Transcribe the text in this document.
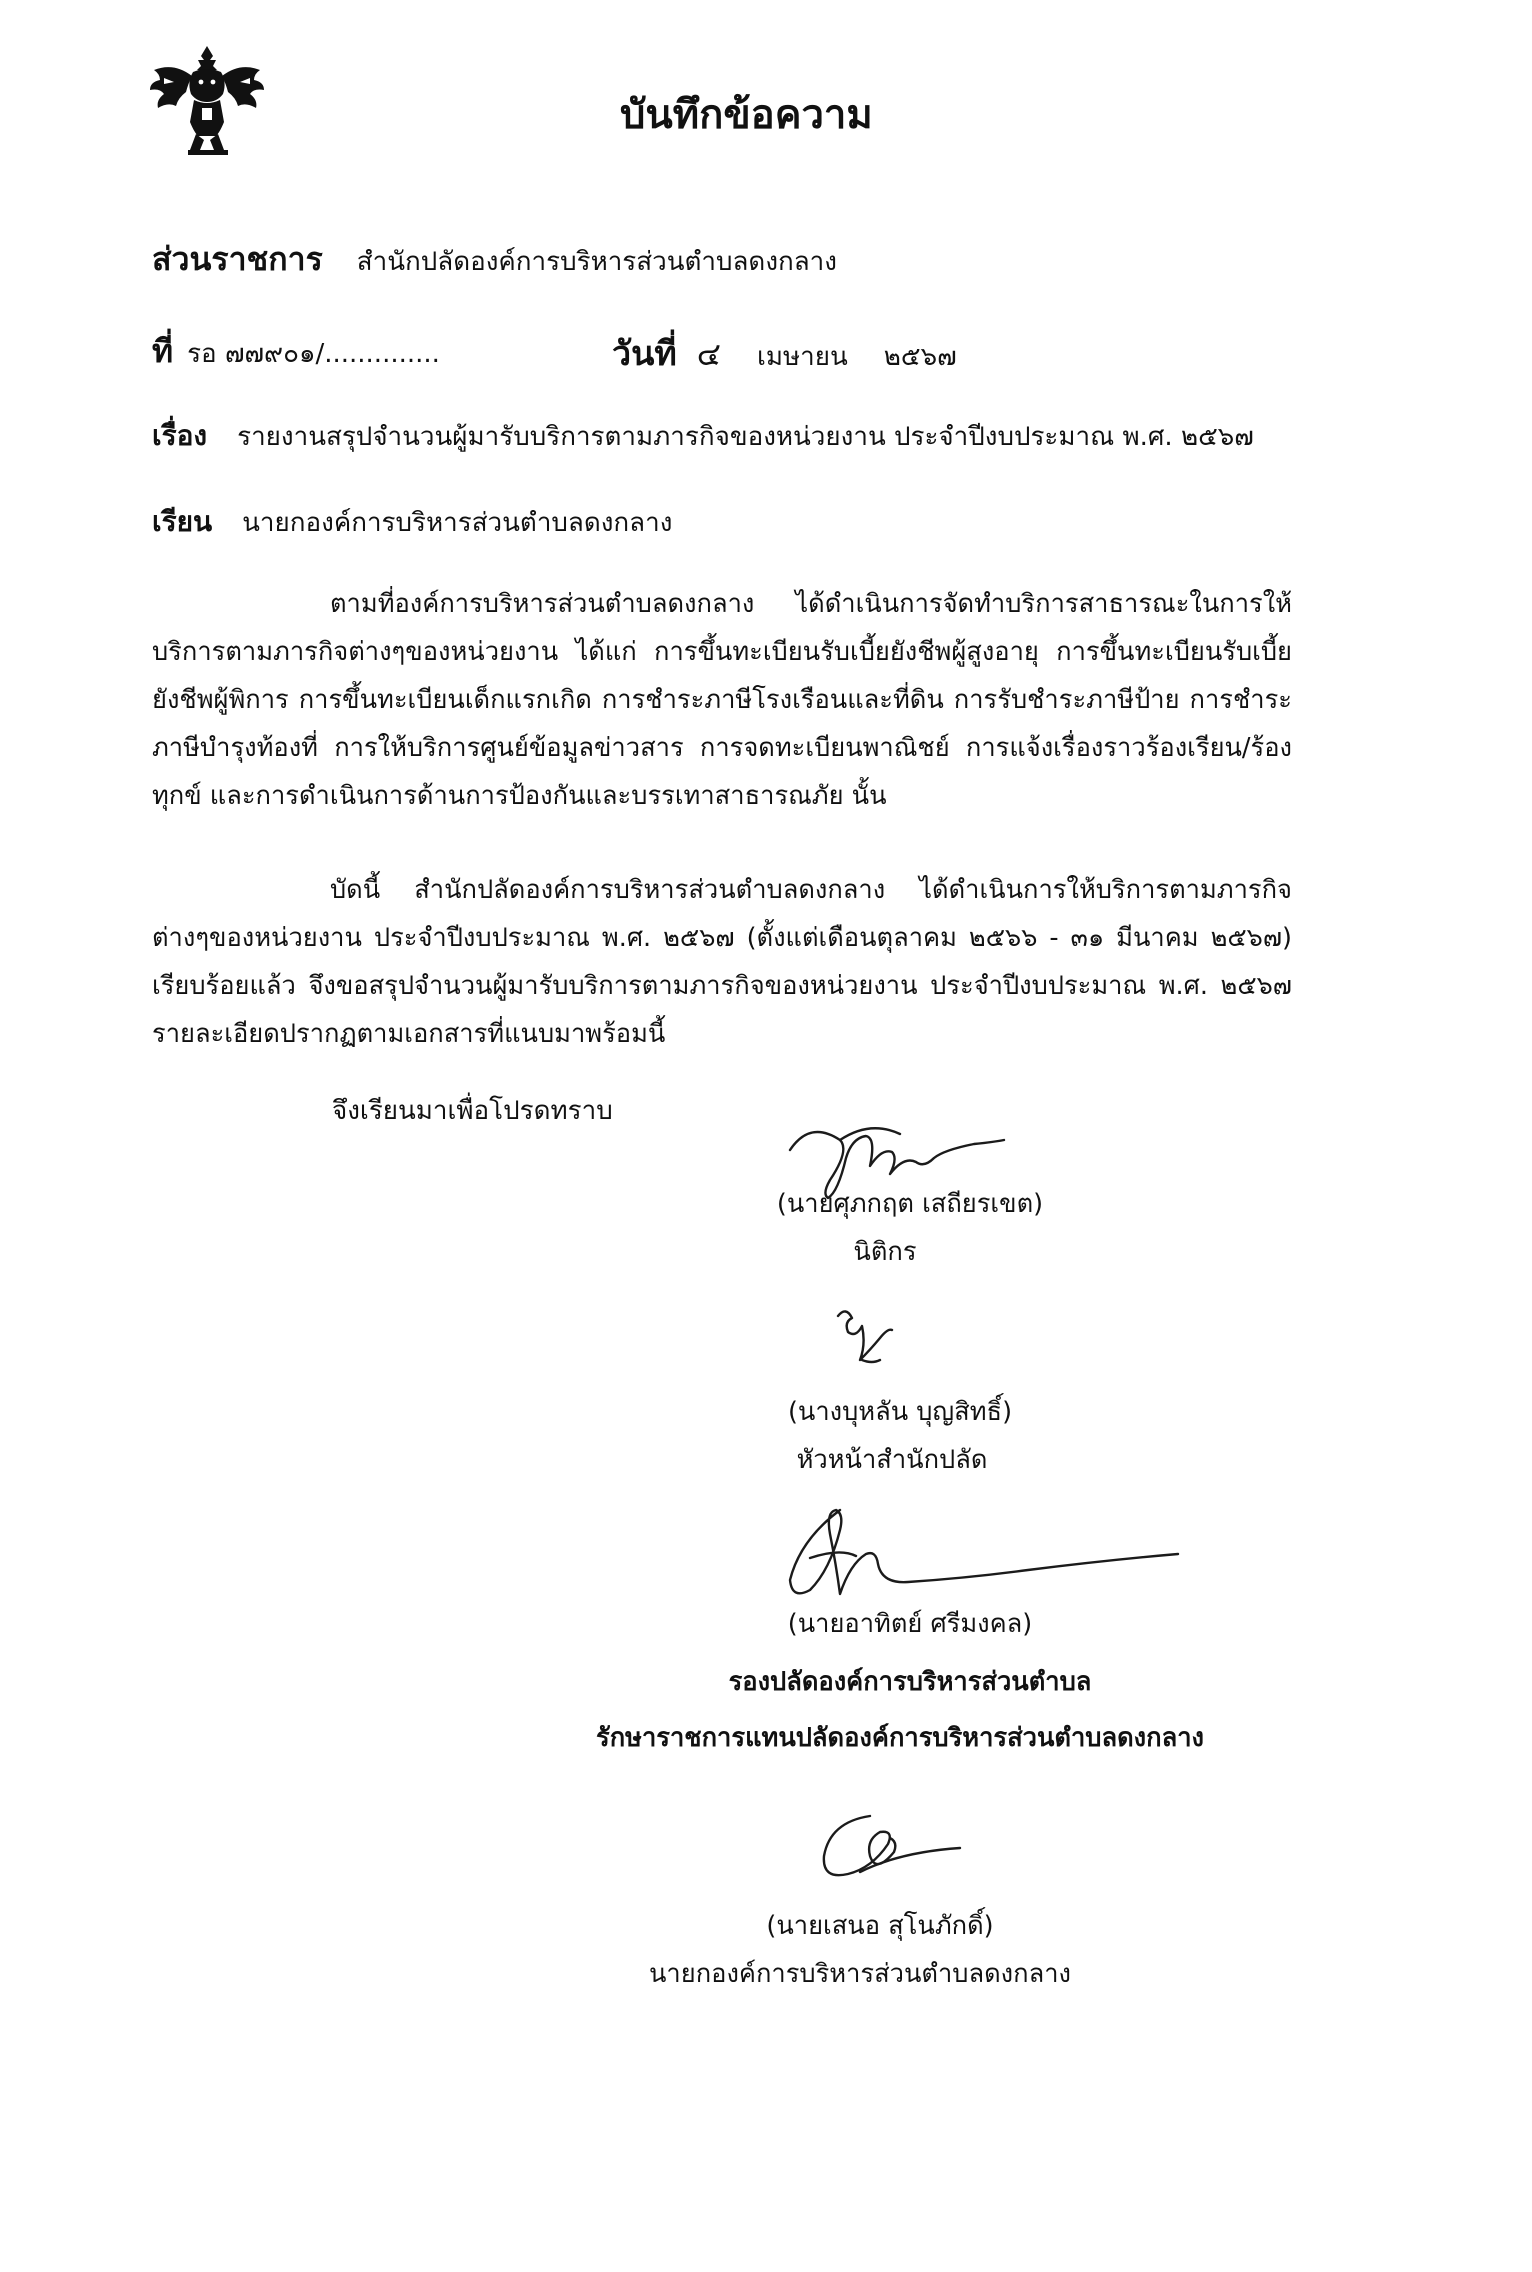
บันทึกข้อความ
ส่วนราชการ สำนักปลัดองค์การบริหารส่วนตำบลดงกลาง
ที่ รอ ๗๗๙๐๑/..............	วันที่ ๔ เมษายน ๒๕๖๗
เรื่อง รายงานสรุปจำนวนผู้มารับบริการตามภารกิจของหน่วยงาน ประจำปีงบประมาณ พ.ศ. ๒๕๖๗
เรียน นายกองค์การบริหารส่วนตำบลดงกลาง
ตามที่องค์การบริหารส่วนตำบลดงกลาง ได้ดำเนินการจัดทำบริการสาธารณะในการให้บริการตามภารกิจต่างๆของหน่วยงาน ได้แก่ การขึ้นทะเบียนรับเบี้ยยังชีพผู้สูงอายุ การขึ้นทะเบียนรับเบี้ยยังชีพผู้พิการ การขึ้นทะเบียนเด็กแรกเกิด การชำระภาษีโรงเรือนและที่ดิน การรับชำระภาษีป้าย การชำระภาษีบำรุงท้องที่ การให้บริการศูนย์ข้อมูลข่าวสาร การจดทะเบียนพาณิชย์ การแจ้งเรื่องราวร้องเรียน/ร้องทุกข์ และการดำเนินการด้านการป้องกันและบรรเทาสาธารณภัย นั้น
บัดนี้ สำนักปลัดองค์การบริหารส่วนตำบลดงกลาง ได้ดำเนินการให้บริการตามภารกิจต่างๆของหน่วยงาน ประจำปีงบประมาณ พ.ศ. ๒๕๖๗ (ตั้งแต่เดือนตุลาคม ๒๕๖๖ - ๓๑ มีนาคม ๒๕๖๗) เรียบร้อยแล้ว จึงขอสรุปจำนวนผู้มารับบริการตามภารกิจของหน่วยงาน ประจำปีงบประมาณ พ.ศ. ๒๕๖๗ รายละเอียดปรากฏตามเอกสารที่แนบมาพร้อมนี้
จึงเรียนมาเพื่อโปรดทราบ
(นายศุภกฤต เสถียรเขต)
นิติกร
(นางบุหลัน บุญสิทธิ์)
หัวหน้าสำนักปลัด
(นายอาทิตย์ ศรีมงคล)
รองปลัดองค์การบริหารส่วนตำบล
รักษาราชการแทนปลัดองค์การบริหารส่วนตำบลดงกลาง
(นายเสนอ สุโนภักดิ์)
นายกองค์การบริหารส่วนตำบลดงกลาง
